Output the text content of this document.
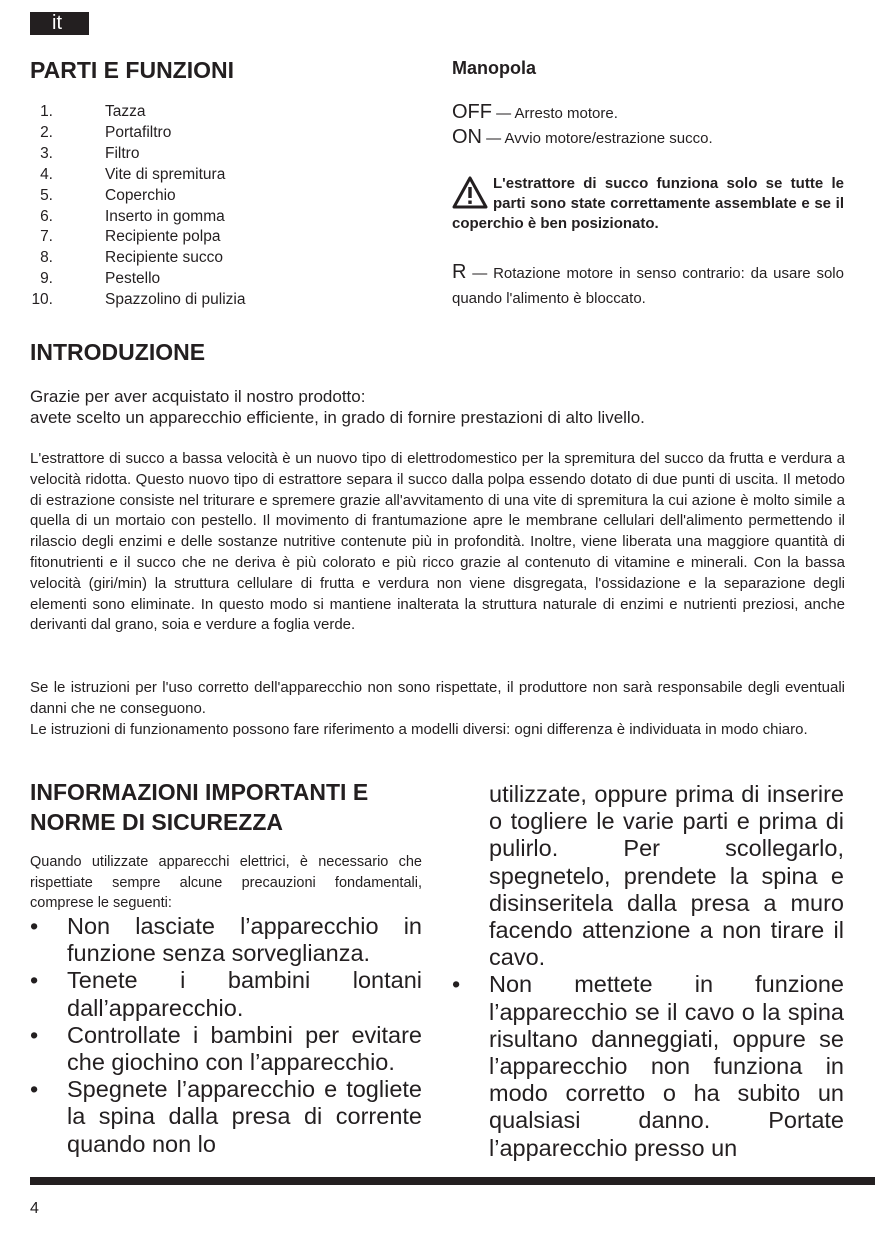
it
PARTI E FUNZIONI
1.	Tazza
2.	Portafiltro
3.	Filtro
4.	Vite di spremitura
5.	Coperchio
6.	Inserto in gomma
7.	Recipiente polpa
8.	Recipiente succo
9.	Pestello
10.	Spazzolino di pulizia
Manopola
OFF — Arresto motore.
ON — Avvio motore/estrazione succo.
L'estrattore di succo funziona solo se tutte le parti sono state correttamente assemblate e se il coperchio è ben posizionato.
R — Rotazione motore in senso contrario: da usare solo quando l'alimento è bloccato.
INTRODUZIONE
Grazie per aver acquistato il nostro prodotto:
avete scelto un apparecchio efficiente, in grado di fornire prestazioni di alto livello.

L'estrattore di succo a bassa velocità è un nuovo tipo di elettrodomestico per la spremitura del succo da frutta e verdura a velocità ridotta. Questo nuovo tipo di estrattore separa il succo dalla polpa essendo dotato di due punti di uscita. Il metodo di estrazione consiste nel triturare e spremere grazie all'avvitamento di una vite di spremitura la cui azione è molto simile a quella di un mortaio con pestello. Il movimento di frantumazione apre le membrane cellulari dell'alimento permettendo il rilascio degli enzimi e delle sostanze nutritive contenute più in profondità. Inoltre, viene liberata una maggiore quantità di fitonutrienti e il succo che ne deriva è più colorato e più ricco grazie al contenuto di vitamine e minerali. Con la bassa velocità (giri/min) la struttura cellulare di frutta e verdura non viene disgregata, l'ossidazione e la separazione degli elementi sono eliminate. In questo modo si mantiene inalterata la struttura naturale di enzimi e nutrienti preziosi, anche derivanti dal grano, soia e verdure a foglia verde.

Se le istruzioni per l'uso corretto dell'apparecchio non sono rispettate, il produttore non sarà responsabile degli eventuali danni che ne conseguono.

Le istruzioni di funzionamento possono fare riferimento a modelli diversi: ogni differenza è individuata in modo chiaro.

INFORMAZIONI IMPORTANTI E NORME DI SICUREZZA

Quando utilizzate apparecchi elettrici, è necessario che rispettiate sempre alcune precauzioni fondamentali, comprese le seguenti:

• Non lasciate l’apparecchio in funzione senza sorveglianza.
• Tenete i bambini lontani dall’apparecchio.
• Controllate i bambini per evitare che giochino con l’apparecchio.
• Spegnete l’apparecchio e togliete la spina dalla presa di corrente quando non lo

utilizzate, oppure prima di inserire o togliere le varie parti e prima di pulirlo. Per scollegarlo, spegnetelo, prendete la spina e disinseritela dalla presa a muro facendo attenzione a non tirare il cavo.

• Non mettete in funzione l’apparecchio se il cavo o la spina risultano danneggiati, oppure se l’apparecchio non funziona in modo corretto o ha subito un qualsiasi danno. Portate l’apparecchio presso un
4
